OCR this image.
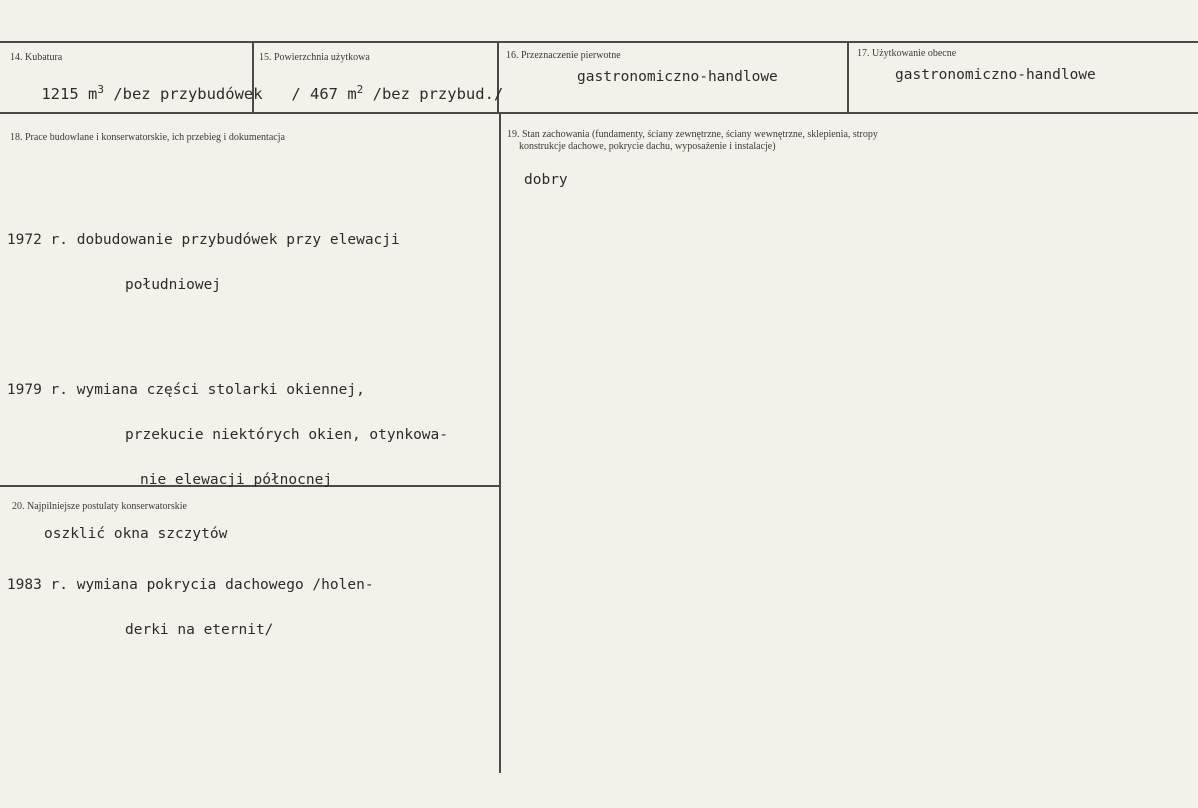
14. Kubatura

1215 $m^3$ /bez przybudówek

15. Powierzchnia użytkowa

/ 467 $m^2$ /bez przybud./

16. Przeznaczenie pierwotne
gastronomiczno-handlowe
17. Użytkowanie obecne
gastronomiczno-handlowe
18. Prace budowlane i konserwatorskie, ich przebieg i dokumentacja

1972 r. dobudowanie przybudówek przy elewacji

południowej

1979 r. wymiana części stolarki okiennej,

przekucie niektórych okien, otynkowa-

nie elewacji północnej

1983 r. wymiana pokrycia dachowego /holen-

derki na eternit/

19. Stan zachowania (fundamenty, ściany zewnętrzne, ściany wewnętrzne, sklepienia, stropy
konstrukcje dachowe, pokrycie dachu, wyposażenie i instalacje)
dobry
20. Najpilniejsze postulaty konserwatorskie
oszklić okna szczytów
